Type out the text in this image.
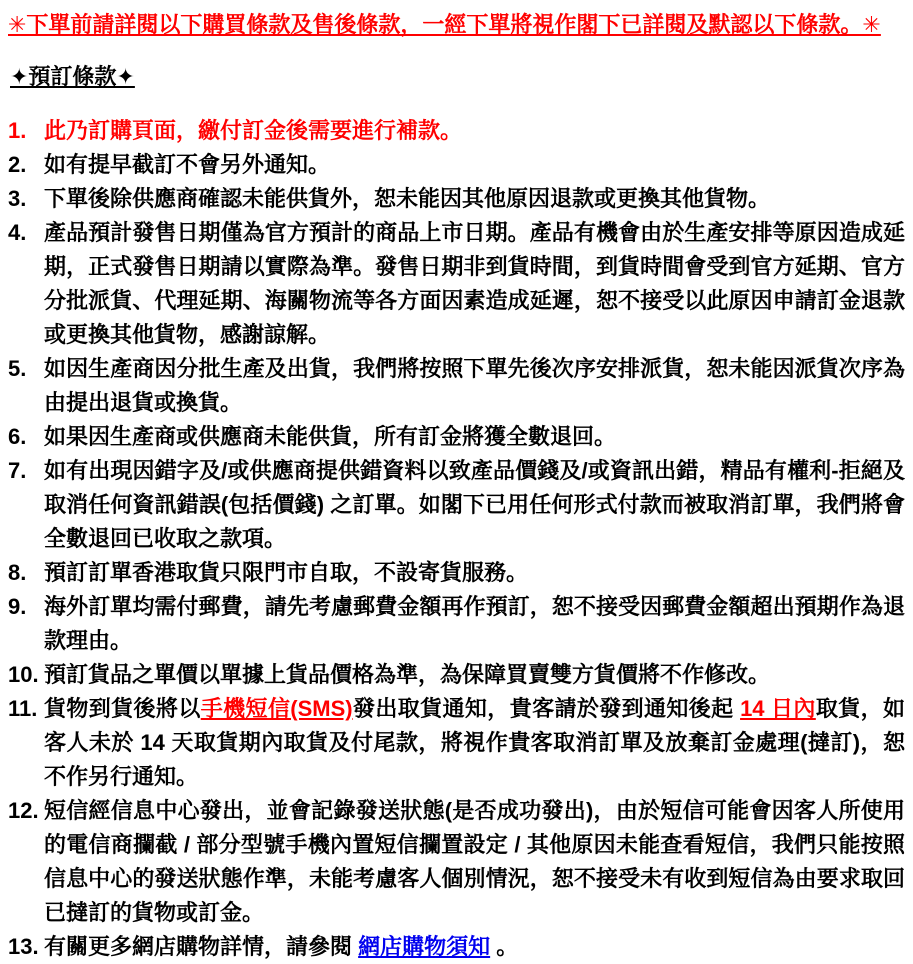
✳下單前請詳閱以下購買條款及售後條款，一經下單將視作閣下已詳閱及默認以下條款。✳
✦預訂條款✦
1. 此乃訂購頁面，繳付訂金後需要進行補款。
2. 如有提早截訂不會另外通知。
3. 下單後除供應商確認未能供貨外，恕未能因其他原因退款或更換其他貨物。
4. 產品預計發售日期僅為官方預計的商品上市日期。產品有機會由於生產安排等原因造成延期，正式發售日期請以實際為準。發售日期非到貨時間，到貨時間會受到官方延期、官方分批派貨、代理延期、海關物流等各方面因素造成延遲，恕不接受以此原因申請訂金退款或更換其他貨物，感謝諒解。
5. 如因生產商因分批生產及出貨，我們將按照下單先後次序安排派貨，恕未能因派貨次序為由提出退貨或換貨。
6. 如果因生產商或供應商未能供貨，所有訂金將獲全數退回。
7. 如有出現因錯字及/或供應商提供錯資料以致產品價錢及/或資訊出錯，精品有權利-拒絕及取消任何資訊錯誤(包括價錢) 之訂單。如閣下已用任何形式付款而被取消訂單，我們將會全數退回已收取之款項。
8. 預訂訂單香港取貨只限門市自取，不設寄貨服務。
9. 海外訂單均需付郵費，請先考慮郵費金額再作預訂，恕不接受因郵費金額超出預期作為退款理由。
10. 預訂貨品之單價以單據上貨品價格為準，為保障買賣雙方貨價將不作修改。
11. 貨物到貨後將以手機短信(SMS)發出取貨通知，貴客請於發到通知後起 14 日內取貨，如客人未於 14 天取貨期內取貨及付尾款，將視作貴客取消訂單及放棄訂金處理(撻訂)，恕不作另行通知。
12. 短信經信息中心發出，並會記錄發送狀態(是否成功發出)，由於短信可能會因客人所使用的電信商攔截 / 部分型號手機內置短信攔置設定 / 其他原因未能查看短信，我們只能按照信息中心的發送狀態作準，未能考慮客人個別情況，恕不接受未有收到短信為由要求取回已撻訂的貨物或訂金。
13. 有關更多網店購物詳情，請參閱 網店購物須知 。
